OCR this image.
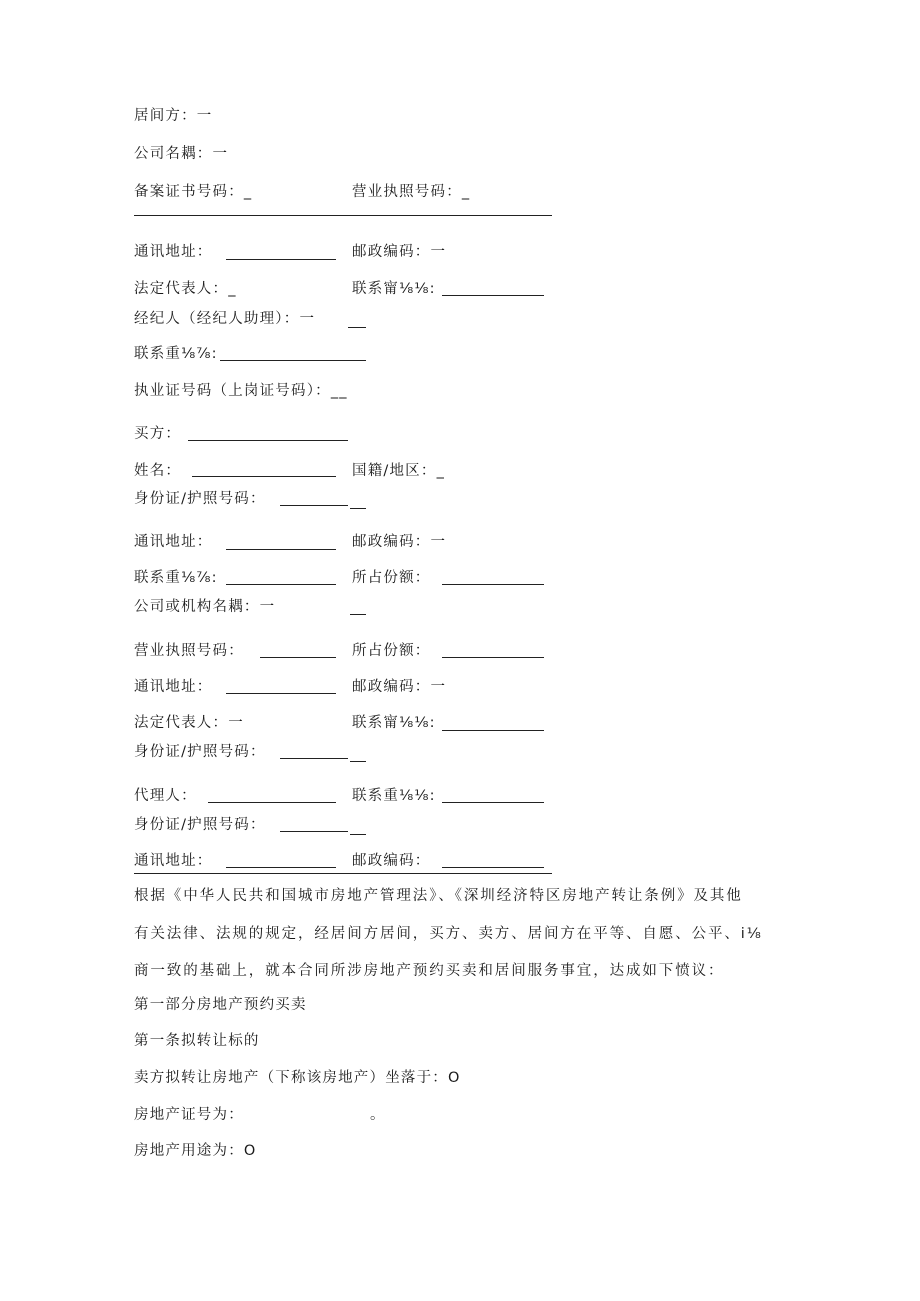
居间方：一
公司名耦：一
备案证书号码：_	营业执照号码：_
通讯地址：	邮政编码：一
法定代表人：_	联系甯⅛⅛:
经纪人（经纪人助理）：一
联系重⅛⅞:
执业证号码（上岗证号码）：__
买方：
姓名：	国籍/地区：_
身份证/护照号码：
通讯地址：	邮政编码：一
联系重⅛⅞:	所占份额：
公司或机构名耦：一
营业执照号码：	所占份额：
通讯地址：	邮政编码：一
法定代表人：一	联系甯⅛⅛:
身份证/护照号码：
代理人：	联系重⅛⅛:
身份证/护照号码：
通讯地址：	邮政编码：
根据《中华人民共和国城市房地产管理法》、《深圳经济特区房地产转让条例》及其他
有关法律、法规的规定，经居间方居间，买方、卖方、居间方在平等、自愿、公平、i⅛
商一致的基础上，就本合同所涉房地产预约买卖和居间服务事宜，达成如下愤议：
第一部分房地产预约买卖
第一条拟转让标的
卖方拟转让房地产（下称该房地产）坐落于：O
房地产证号为：	。
房地产用途为：O
